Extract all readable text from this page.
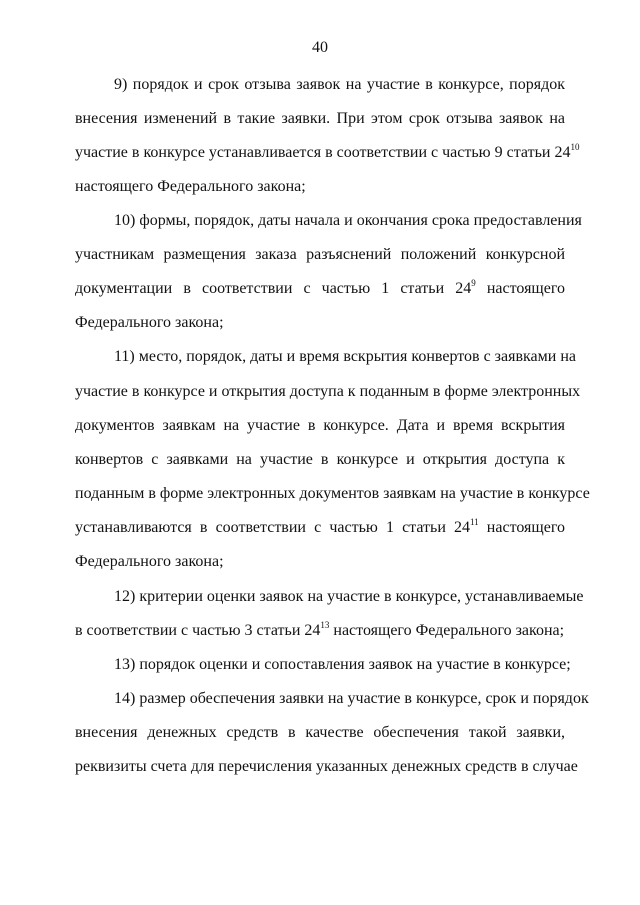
40
9) порядок и срок отзыва заявок на участие в конкурсе, порядок
внесения изменений в такие заявки. При этом срок отзыва заявок на
участие в конкурсе устанавливается в соответствии с частью 9 статьи $24^{10}$
настоящего Федерального закона;
10) формы, порядок, даты начала и окончания срока предоставления
участникам размещения заказа разъяснений положений конкурсной
документации в соответствии с частью 1 статьи $24^9$ настоящего
Федерального закона;
11) место, порядок, даты и время вскрытия конвертов с заявками на
участие в конкурсе и открытия доступа к поданным в форме электронных
документов заявкам на участие в конкурсе. Дата и время вскрытия
конвертов с заявками на участие в конкурсе и открытия доступа к
поданным в форме электронных документов заявкам на участие в конкурсе
устанавливаются в соответствии с частью 1 статьи $24^{11}$ настоящего
Федерального закона;
12) критерии оценки заявок на участие в конкурсе, устанавливаемые
в соответствии с частью 3 статьи $24^{13}$ настоящего Федерального закона;
13) порядок оценки и сопоставления заявок на участие в конкурсе;
14) размер обеспечения заявки на участие в конкурсе, срок и порядок
внесения денежных средств в качестве обеспечения такой заявки,
реквизиты счета для перечисления указанных денежных средств в случае
